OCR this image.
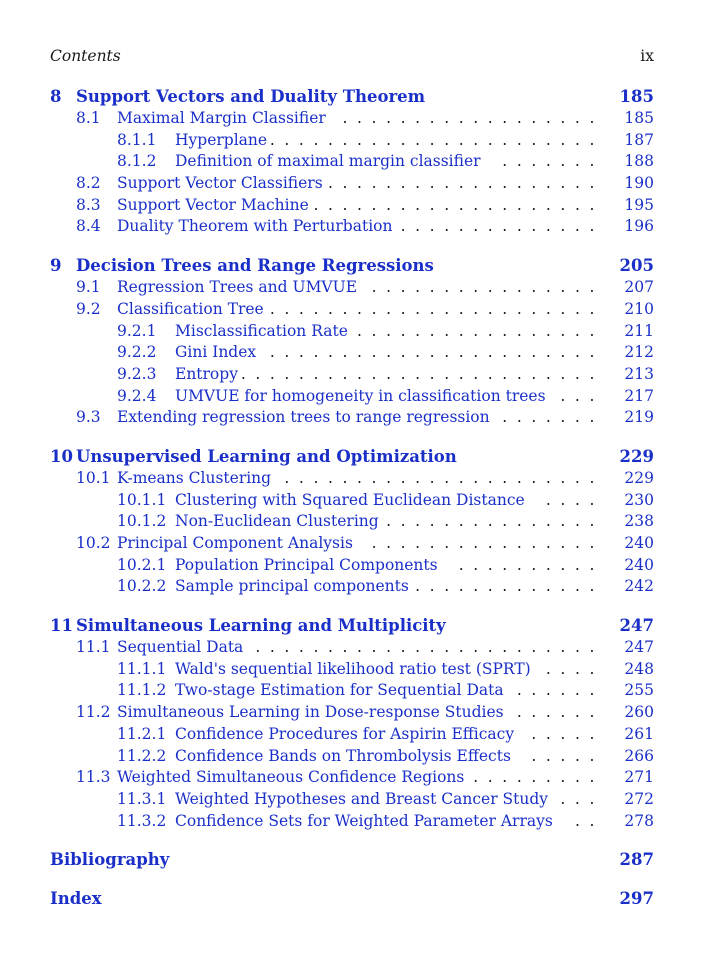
Contents	ix
8 Support Vectors and Duality Theorem	185
8.1 Maximal Margin Classifier ..................	185
8.1.1 Hyperplane .......................	187
8.1.2 Definition of maximal margin classifier .......	188
8.2 Support Vector Classifiers ...................	190
8.3 Support Vector Machine ....................	195
8.4 Duality Theorem with Perturbation ..............	196
9 Decision Trees and Range Regressions	205
9.1 Regression Trees and UMVUE ................	207
9.2 Classification Tree .......................	210
9.2.1 Misclassification Rate .................	211
9.2.2 Gini Index .......................	212
9.2.3 Entropy .........................	213
9.2.4 UMVUE for homogeneity in classification trees ...	217
9.3 Extending regression trees to range regression .......	219
10 Unsupervised Learning and Optimization	229
10.1 K-means Clustering ......................	229
10.1.1 Clustering with Squared Euclidean Distance ....	230
10.1.2 Non-Euclidean Clustering ...............	238
10.2 Principal Component Analysis ................	240
10.2.1 Population Principal Components ..........	240
10.2.2 Sample principal components .............	242
11 Simultaneous Learning and Multiplicity	247
11.1 Sequential Data ........................	247
11.1.1 Wald's sequential likelihood ratio test (SPRT) ....	248
11.1.2 Two-stage Estimation for Sequential Data ......	255
11.2 Simultaneous Learning in Dose-response Studies ......	260
11.2.1 Confidence Procedures for Aspirin Efficacy .....	261
11.2.2 Confidence Bands on Thrombolysis Effects .....	266
11.3 Weighted Simultaneous Confidence Regions .........	271
11.3.1 Weighted Hypotheses and Breast Cancer Study ...	272
11.3.2 Confidence Sets for Weighted Parameter Arrays ..	278
Bibliography	287
Index	297
